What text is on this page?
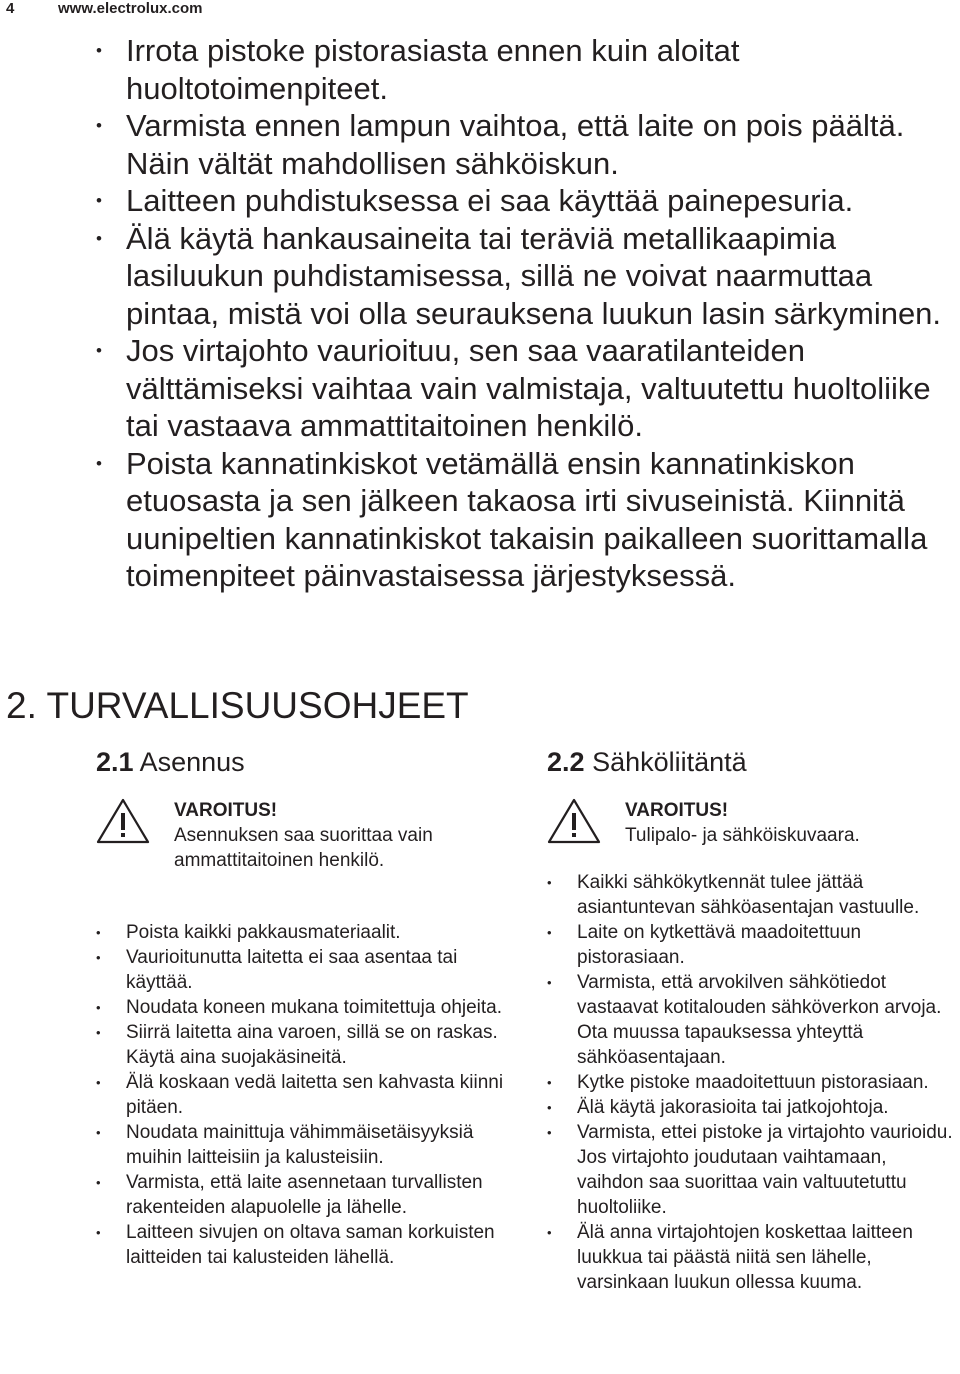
4	www.electrolux.com
• Irrota pistoke pistorasiasta ennen kuin aloitat huoltotoimenpiteet.
• Varmista ennen lampun vaihtoa, että laite on pois päältä. Näin vältät mahdollisen sähköiskun.
• Laitteen puhdistuksessa ei saa käyttää painepesuria.
• Älä käytä hankausaineita tai teräviä metallikaapimia lasiluukun puhdistamisessa, sillä ne voivat naarmuttaa pintaa, mistä voi olla seurauksena luukun lasin särkyminen.
• Jos virtajohto vaurioituu, sen saa vaaratilanteiden välttämiseksi vaihtaa vain valmistaja, valtuutettu huoltoliike tai vastaava ammattitaitoinen henkilö.
• Poista kannatinkiskot vetämällä ensin kannatinkiskon etuosasta ja sen jälkeen takaosa irti sivuseinistä. Kiinnitä uunipeltien kannatinkiskot takaisin paikalleen suorittamalla toimenpiteet päinvastaisessa järjestyksessä.
2. TURVALLISUUSOHJEET
2.1 Asennus
VAROITUS!
Asennuksen saa suorittaa vain ammattitaitoinen henkilö.
• Poista kaikki pakkausmateriaalit.
• Vaurioitunutta laitetta ei saa asentaa tai käyttää.
• Noudata koneen mukana toimitettuja ohjeita.
• Siirrä laitetta aina varoen, sillä se on raskas. Käytä aina suojakäsineitä.
• Älä koskaan vedä laitetta sen kahvasta kiinni pitäen.
• Noudata mainittuja vähimmäisetäisyyksiä muihin laitteisiin ja kalusteisiin.
• Varmista, että laite asennetaan turvallisten rakenteiden alapuolelle ja lähelle.
• Laitteen sivujen on oltava saman korkuisten laitteiden tai kalusteiden lähellä.
2.2 Sähköliitäntä
VAROITUS!
Tulipalo- ja sähköiskuvaara.
• Kaikki sähkökytkennät tulee jättää asiantuntevan sähköasentajan vastuulle.
• Laite on kytkettävä maadoitettuun pistorasiaan.
• Varmista, että arvokilven sähkötiedot vastaavat kotitalouden sähköverkon arvoja. Ota muussa tapauksessa yhteyttä sähköasentajaan.
• Kytke pistoke maadoitettuun pistorasiaan.
• Älä käytä jakorasioita tai jatkojohtoja.
• Varmista, ettei pistoke ja virtajohto vaurioidu. Jos virtajohto joudutaan vaihtamaan, vaihdon saa suorittaa vain valtuutetuttu huoltoliike.
• Älä anna virtajohtojen koskettaa laitteen luukkua tai päästä niitä sen lähelle, varsinkaan luukun ollessa kuuma.
